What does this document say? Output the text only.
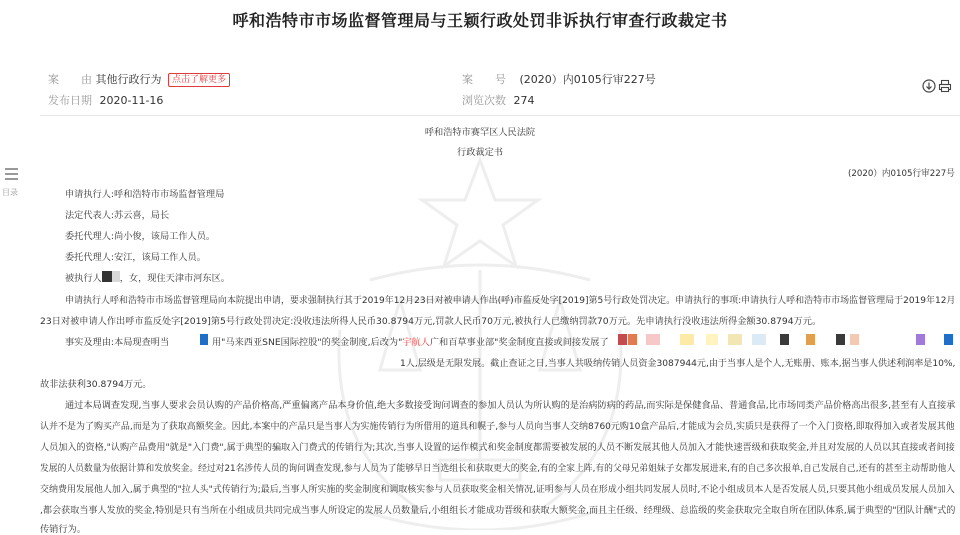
呼和浩特市市场监督管理局与王颖行政处罚非诉执行审查行政裁定书
案　　由 其他行政行为 点击了解更多	案　　号 (2020）内0105行审227号
发布日期 2020-11-16	浏览次数 274
目录
呼和浩特市赛罕区人民法院
行政裁定书
(2020）内0105行审227号
申请执行人:呼和浩特市市场监督管理局
法定代表人:苏云喜，局长
委托代理人:尚小俊，该局工作人员。
委托代理人:安江，该局工作人员。
被执行人 ，女，现住天津市河东区。
申请执行人呼和浩特市市场监督管理局向本院提出申请，要求强制执行其于2019年12月23日对被申请人作出(呼)市监反处字[2019]第5号行政处罚决定。申请执行的事项:申请执行人呼和浩特市市场监督管理局于2019年12月
23日对被申请人作出呼市监反处字[2019]第5号行政处罚决定:没收违法所得人民币30.8794万元,罚款人民币70万元,被执行人已缴纳罚款70万元。先申请执行没收违法所得金额30.8794万元。
事实及理由:本局现查明当	用"马来西亚SNE国际控股"的奖金制度,后改为"宇航人广和百草事业部"奖金制度直接或间接发展了
1人,层级是无限发展。截止查证之日,当事人共吸纳传销人员资金3087944元,由于当事人是个人,无账册、账本,据当事人供述利润率是10%,
故非法获利30.8794万元。
通过本局调查发现,当事人要求会员认购的产品价格高,严重偏离产品本身价值,绝大多数接受询问调查的参加人员认为所认购的是治病防病的药品,而实际是保健食品、普通食品,比市场同类产品价格高出很多,甚至有人直接承
认并不是为了购买产品,而是为了获取高额奖金。因此,本案中的产品只是当事人为实施传销行为所借用的道具和幌子,参与人员向当事人交纳8760元购10盒产品后,才能成为会员,实质只是获得了一个入门资格,即取得加入或者发展其他
人员加入的资格,"认购产品费用"就是"入门费",属于典型的骗取入门费式的传销行为;其次,当事人设置的运作模式和奖金制度都需要被发展的人员不断发展其他人员加入才能快速晋级和获取奖金,并且对发展的人员以其直接或者间接
发展的人员数量为依据计算和发放奖金。经过对21名涉传人员的询问调查发现,参与人员为了能够早日当选组长和获取更大的奖金,有的全家上阵,有的父母兄弟姐妹子女都发展进来,有的自己多次报单,自己发展自己,还有的甚至主动帮助他人
交纳费用发展他人加入,属于典型的"拉人头"式传销行为;最后,当事人所实施的奖金制度和调取核实参与人员获取奖金相关情况,证明参与人员在形成小组共同发展人员时,不论小组成员本人是否发展人员,只要其他小组成员发展人员加入
,都会获取当事人发放的奖金,特别是只有当所在小组成员共同完成当事人所设定的发展人员数量后,小组组长才能成功晋级和获取大额奖金,而且主任级、经理级、总监级的奖金获取完全取自所在团队体系,属于典型的"团队计酬"式的
传销行为。
